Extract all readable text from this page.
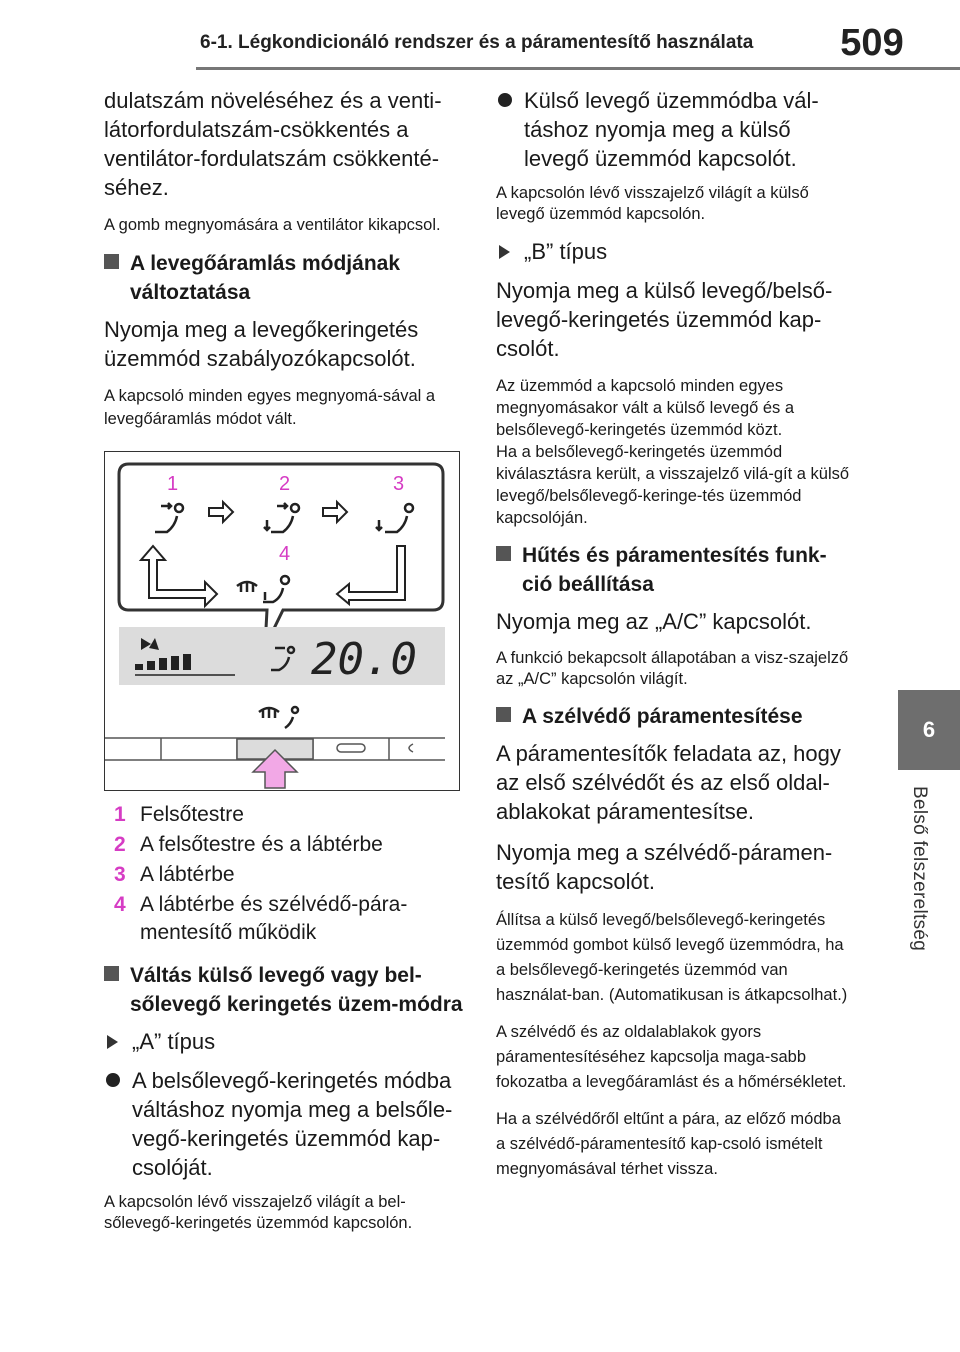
6-1. Légkondicionáló rendszer és a páramentesítő használata	509
6
Belső felszereltség

dulatszám növeléséhez és a venti-látorfordulatszám-csökkentés a ventilátor-fordulatszám csökkenté-séhez.

A gomb megnyomására a ventilátor kikapcsol.

A levegőáramlás módjának változtatása

Nyomja meg a levegőkeringetés üzemmód szabályozókapcsolót.

A kapcsoló minden egyes megnyomá-sával a levegőáramlás módot vált.

1	2	3
4
20.0
1 Felsőtestre
2 A felsőtestre és a lábtérbe
3 A lábtérbe
4 A lábtérbe és szélvédő-pára-mentesítő működik
Váltás külső levegő vagy bel-sőlevegő keringetés üzem-módra
„A” típus
A belsőlevegő-keringetés módba váltáshoz nyomja meg a belsőle-vegő-keringetés üzemmód kap-csolóját.

A kapcsolón lévő visszajelző világít a bel-sőlevegő-keringetés üzemmód kapcsolón.

Külső levegő üzemmódba vál-táshoz nyomja meg a külső levegő üzemmód kapcsolót.

A kapcsolón lévő visszajelző világít a külső levegő üzemmód kapcsolón.

„B” típus

Nyomja meg a külső levegő/belső-levegő-keringetés üzemmód kap-csolót.

Az üzemmód a kapcsoló minden egyes megnyomásakor vált a külső levegő és a belsőlevegő-keringetés üzemmód közt.

Ha a belsőlevegő-keringetés üzemmód kiválasztásra került, a visszajelző vilá-gít a külső levegő/belsőlevegő-keringe-tés üzemmód kapcsolóján.

Hűtés és páramentesítés funk-ció beállítása

Nyomja meg az „A/C” kapcsolót.

A funkció bekapcsolt állapotában a visz-szajelző az „A/C” kapcsolón világít.

A szélvédő páramentesítése

A páramentesítők feladata az, hogy az első szélvédőt és az első oldal-ablakokat páramentesítse.

Nyomja meg a szélvédő-páramen-tesítő kapcsolót.

Állítsa a külső levegő/belsőlevegő-keringetés üzemmód gombot külső levegő üzemmódra, ha a belsőlevegő-keringetés üzemmód van használat-ban. (Automatikusan is átkapcsolhat.)

A szélvédő és az oldalablakok gyors páramentesítéséhez kapcsolja maga-sabb fokozatba a levegőáramlást és a hőmérsékletet.

Ha a szélvédőről eltűnt a pára, az előző módba a szélvédő-páramentesítő kap-csoló ismételt megnyomásával térhet vissza.
